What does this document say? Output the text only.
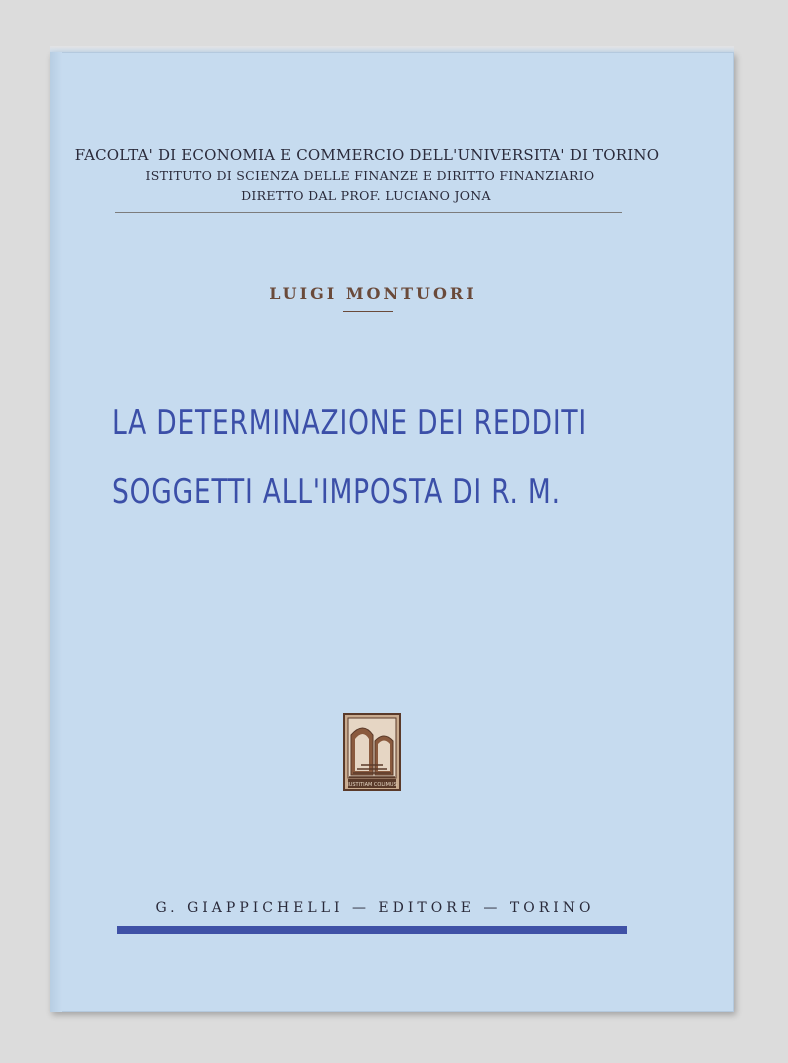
FACOLTA' DI ECONOMIA E COMMERCIO DELL'UNIVERSITA' DI TORINO
ISTITUTO DI SCIENZA DELLE FINANZE E DIRITTO FINANZIARIO
DIRETTO DAL PROF. LUCIANO JONA
LUIGI MONTUORI
LA DETERMINAZIONE DEI REDDITI
SOGGETTI ALL'IMPOSTA DI R. M.
IUSTITIAM COLIMUS
G. GIAPPICHELLI — EDITORE — TORINO
